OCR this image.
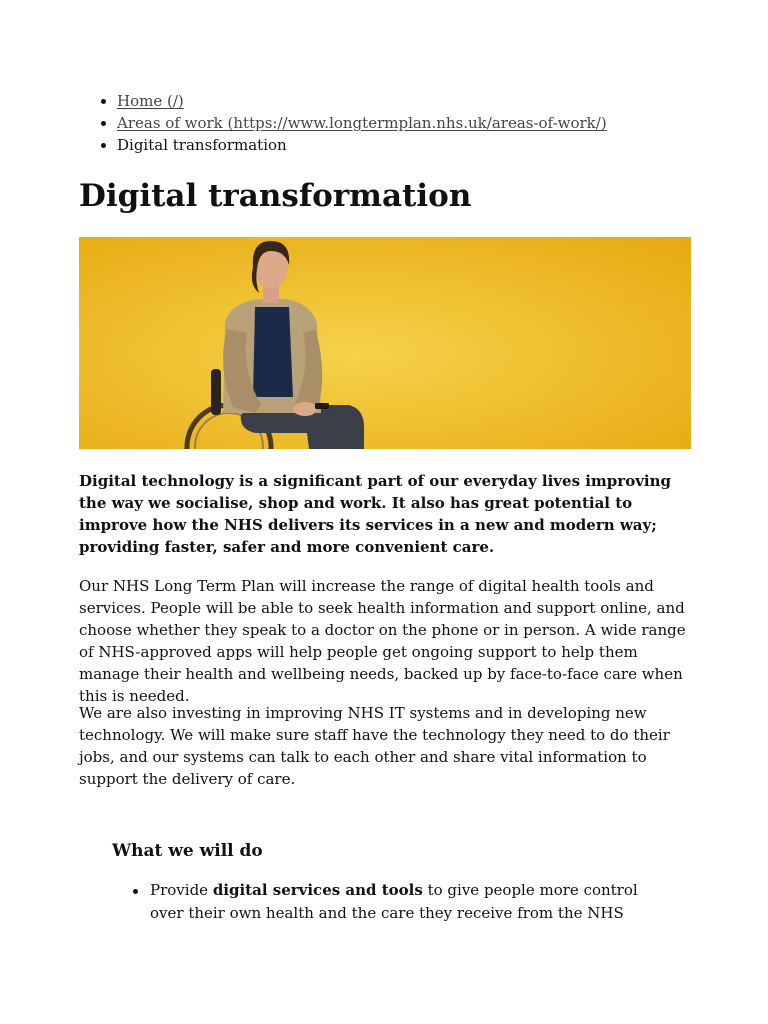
Home (/)
Areas of work (https://www.longtermplan.nhs.uk/areas-of-work/)
Digital transformation
Digital transformation

Digital technology is a significant part of our everyday lives improving the way we socialise, shop and work. It also has great potential to improve how the NHS delivers its services in a new and modern way; providing faster, safer and more convenient care.

Our NHS Long Term Plan will increase the range of digital health tools and services. People will be able to seek health information and support online, and choose whether they speak to a doctor on the phone or in person. A wide range of NHS-approved apps will help people get ongoing support to help them manage their health and wellbeing needs, backed up by face-to-face care when this is needed.

We are also investing in improving NHS IT systems and in developing new technology. We will make sure staff have the technology they need to do their jobs, and our systems can talk to each other and share vital information to support the delivery of care.

What we will do
Provide digital services and tools to give people more control over their own health and the care they receive from the NHS
